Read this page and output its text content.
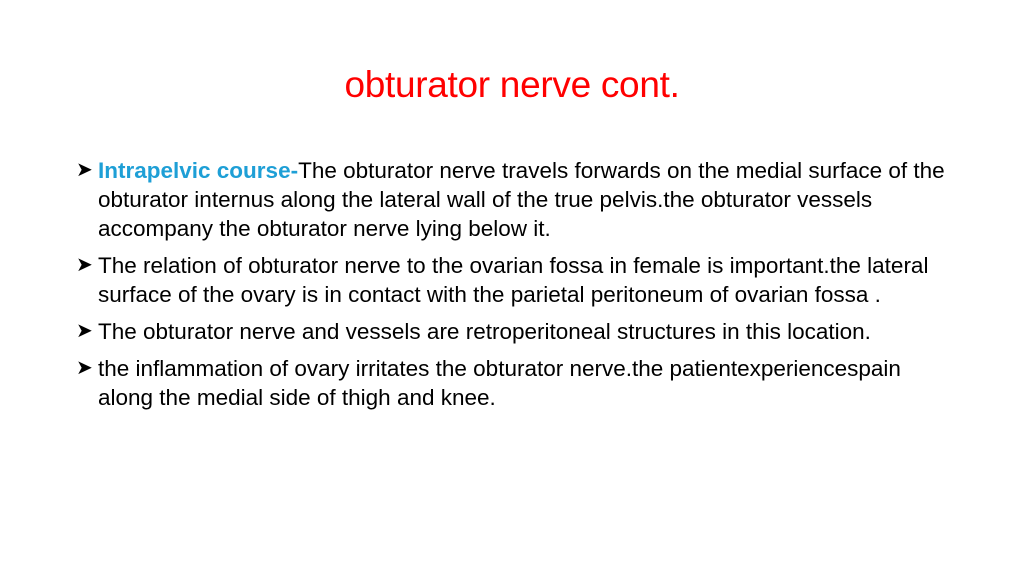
obturator nerve cont.
➤ Intrapelvic course-The obturator nerve travels forwards on the medial surface of the obturator internus along the lateral wall of the true pelvis.the obturator vessels accompany the obturator nerve lying below it.
➤ The relation of obturator nerve to the ovarian fossa in female is important.the lateral surface of the ovary is in contact with the parietal peritoneum of ovarian fossa .
➤ The obturator nerve and vessels are retroperitoneal structures in this location.
➤ the inflammation of ovary irritates the obturator nerve.the patientexperiencespain along the medial side of thigh and knee.
